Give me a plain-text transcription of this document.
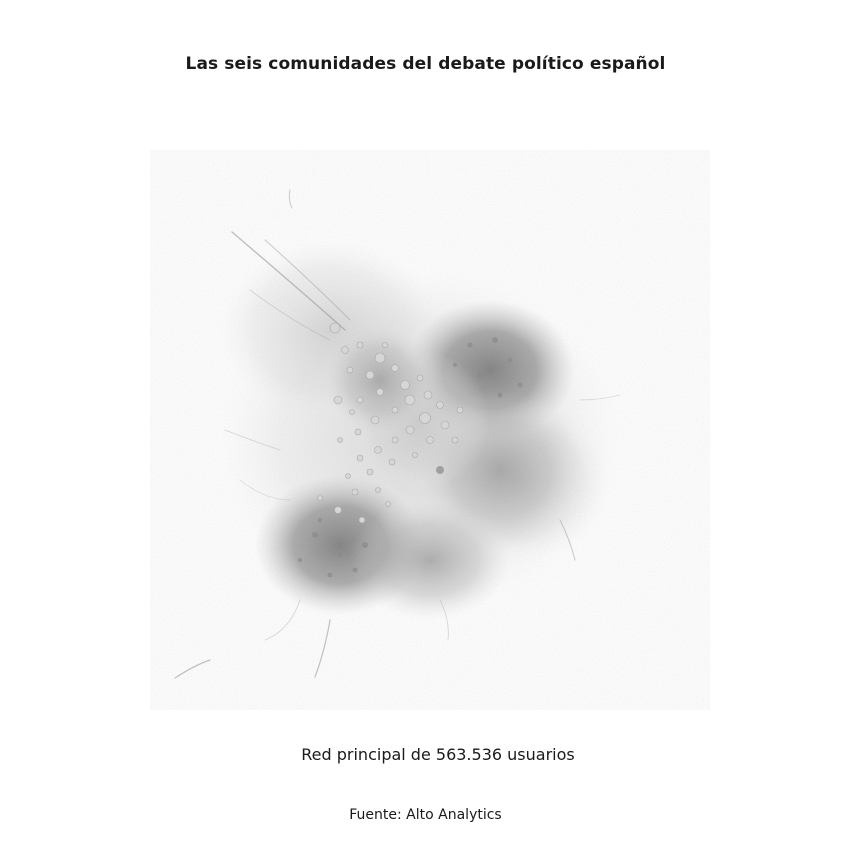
Las seis comunidades del debate político español
Red principal de 563.536 usuarios
Fuente: Alto Analytics
